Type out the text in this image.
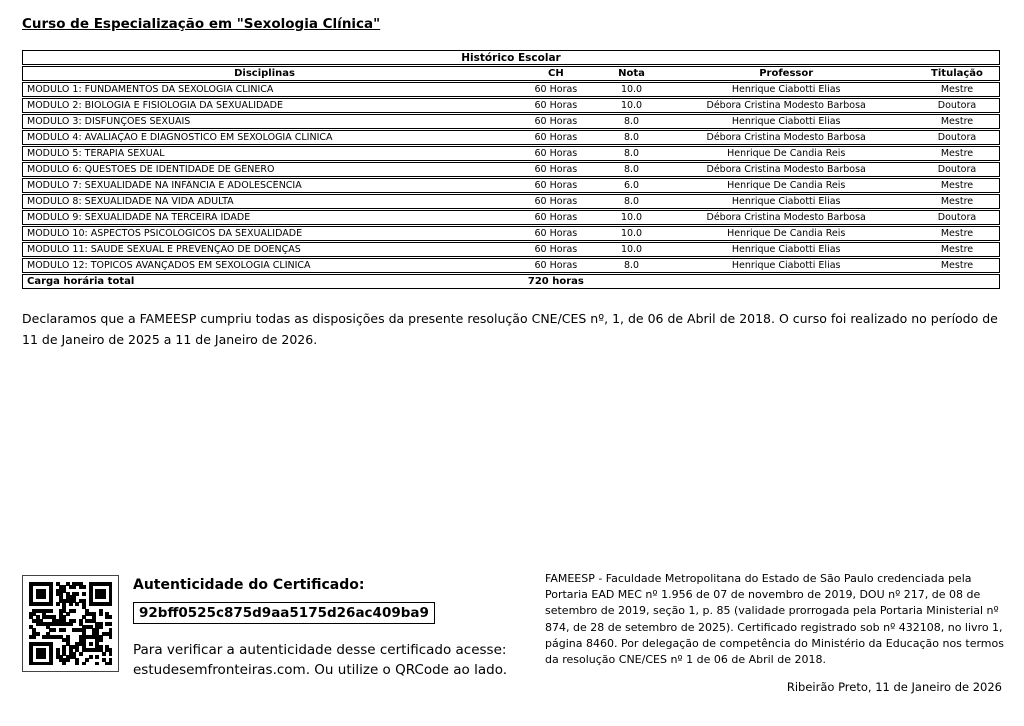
Curso de Especialização em "Sexologia Clínica"
Histórico Escolar
Disciplinas	CH	Nota	Professor	Titulação
MÓDULO 1: FUNDAMENTOS DA SEXOLOGIA CLÍNICA	60 Horas	10.0	Henrique Ciabotti Elias	Mestre
MÓDULO 2: BIOLOGIA E FISIOLOGIA DA SEXUALIDADE	60 Horas	10.0	Débora Cristina Modesto Barbosa	Doutora
MÓDULO 3: DISFUNÇÕES SEXUAIS	60 Horas	8.0	Henrique Ciabotti Elias	Mestre
MÓDULO 4: AVALIAÇÃO E DIAGNÓSTICO EM SEXOLOGIA CLÍNICA	60 Horas	8.0	Débora Cristina Modesto Barbosa	Doutora
MÓDULO 5: TERAPIA SEXUAL	60 Horas	8.0	Henrique De Candia Reis	Mestre
MÓDULO 6: QUESTÕES DE IDENTIDADE DE GÊNERO	60 Horas	8.0	Débora Cristina Modesto Barbosa	Doutora
MÓDULO 7: SEXUALIDADE NA INFÂNCIA E ADOLESCÊNCIA	60 Horas	6.0	Henrique De Candia Reis	Mestre
MÓDULO 8: SEXUALIDADE NA VIDA ADULTA	60 Horas	8.0	Henrique Ciabotti Elias	Mestre
MÓDULO 9: SEXUALIDADE NA TERCEIRA IDADE	60 Horas	10.0	Débora Cristina Modesto Barbosa	Doutora
MÓDULO 10: ASPECTOS PSICOLÓGICOS DA SEXUALIDADE	60 Horas	10.0	Henrique De Candia Reis	Mestre
MÓDULO 11: SAÚDE SEXUAL E PREVENÇÃO DE DOENÇAS	60 Horas	10.0	Henrique Ciabotti Elias	Mestre
MÓDULO 12: TÓPICOS AVANÇADOS EM SEXOLOGIA CLÍNICA	60 Horas	8.0	Henrique Ciabotti Elias	Mestre
Carga horária total	720 horas
Declaramos que a FAMEESP cumpriu todas as disposições da presente resolução CNE/CES nº, 1, de 06 de Abril de 2018. O curso foi realizado no período de 11 de Janeiro de 2025 a 11 de Janeiro de 2026.
Autenticidade do Certificado:
92bff0525c875d9aa5175d26ac409ba9
Para verificar a autenticidade desse certificado acesse: estudesemfronteiras.com. Ou utilize o QRCode ao lado.
FAMEESP - Faculdade Metropolitana do Estado de São Paulo credenciada pela Portaria EAD MEC nº 1.956 de 07 de novembro de 2019, DOU nº 217, de 08 de setembro de 2019, seção 1, p. 85 (validade prorrogada pela Portaria Ministerial nº 874, de 28 de setembro de 2025). Certificado registrado sob nº 432108, no livro 1, página 8460. Por delegação de competência do Ministério da Educação nos termos da resolução CNE/CES nº 1 de 06 de Abril de 2018.
Ribeirão Preto, 11 de Janeiro de 2026
